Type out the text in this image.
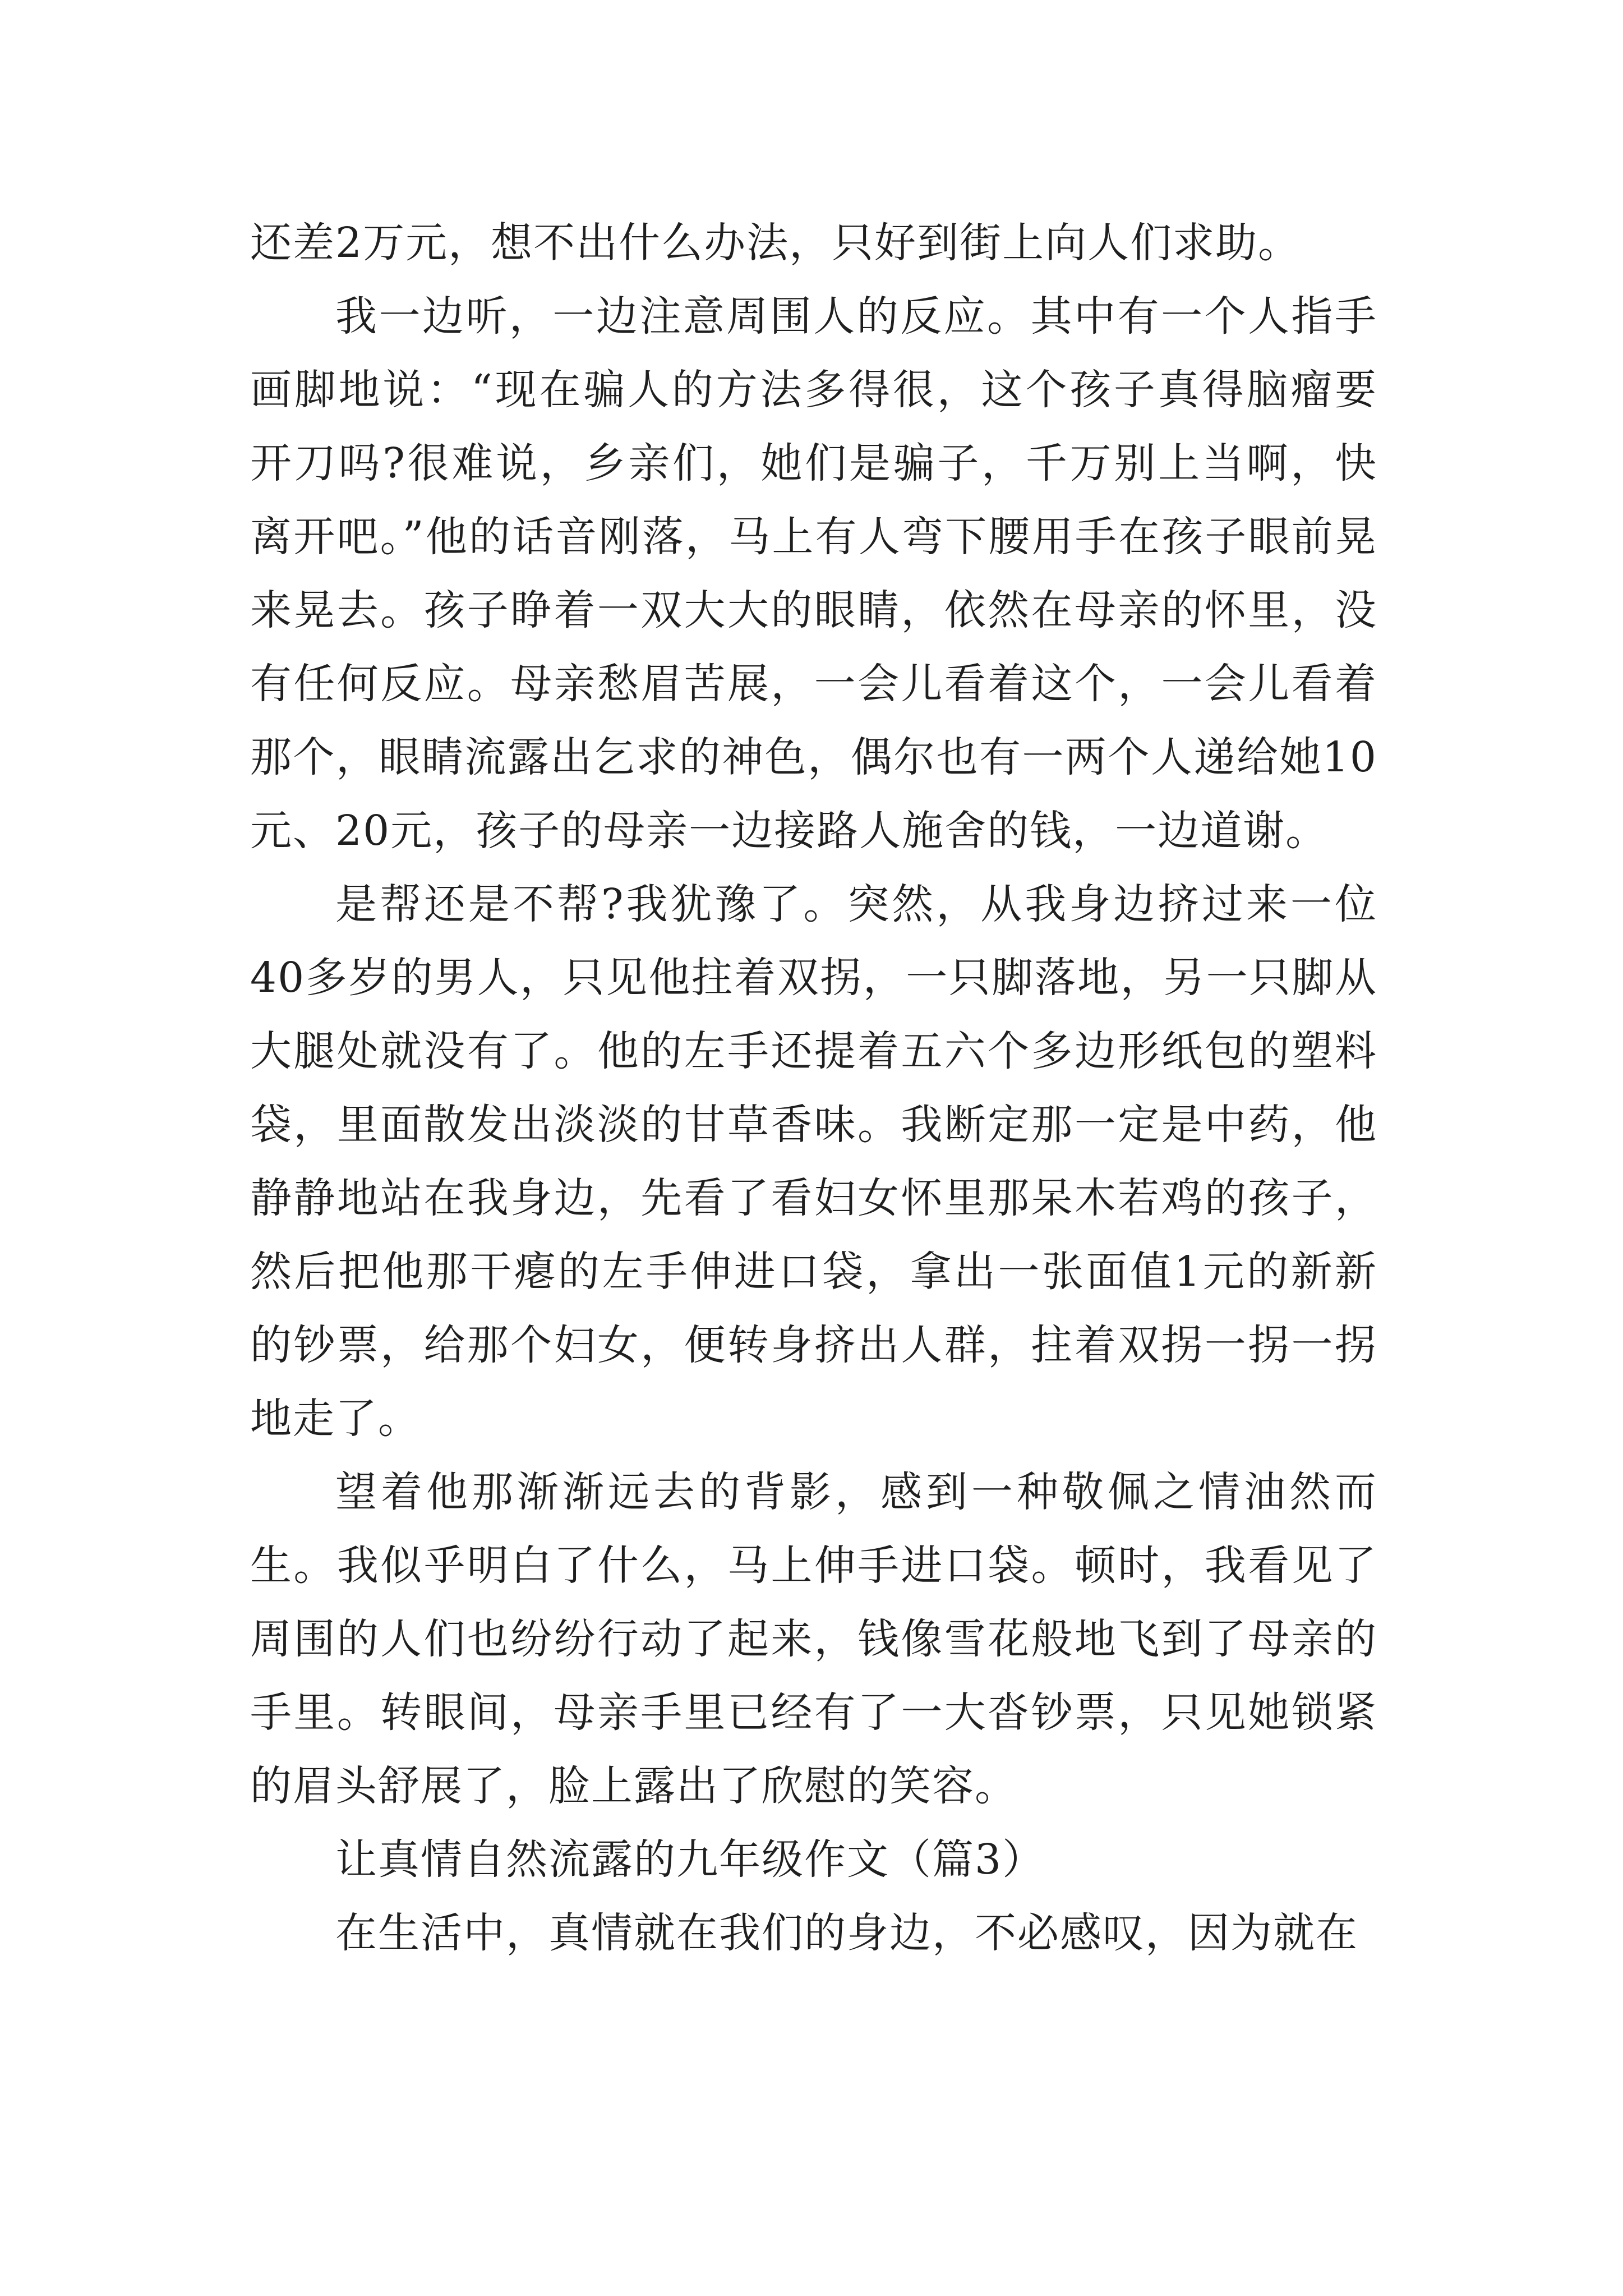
还差2万元，想不出什么办法，只好到街上向人们求助。

我一边听，一边注意周围人的反应。其中有一个人指手画脚地说：“现在骗人的方法多得很，这个孩子真得脑瘤要开刀吗?很难说，乡亲们，她们是骗子，千万别上当啊，快离开吧。”他的话音刚落，马上有人弯下腰用手在孩子眼前晃来晃去。孩子睁着一双大大的眼睛，依然在母亲的怀里，没有任何反应。母亲愁眉苦展，一会儿看着这个，一会儿看着那个，眼睛流露出乞求的神色，偶尔也有一两个人递给她10元、20元，孩子的母亲一边接路人施舍的钱，一边道谢。

是帮还是不帮?我犹豫了。突然，从我身边挤过来一位40多岁的男人，只见他拄着双拐，一只脚落地，另一只脚从大腿处就没有了。他的左手还提着五六个多边形纸包的塑料袋，里面散发出淡淡的甘草香味。我断定那一定是中药，他静静地站在我身边，先看了看妇女怀里那呆木若鸡的孩子，然后把他那干瘪的左手伸进口袋，拿出一张面值1元的新新的钞票，给那个妇女，便转身挤出人群，拄着双拐一拐一拐地走了。

望着他那渐渐远去的背影，感到一种敬佩之情油然而生。我似乎明白了什么，马上伸手进口袋。顿时，我看见了周围的人们也纷纷行动了起来，钱像雪花般地飞到了母亲的手里。转眼间，母亲手里已经有了一大沓钞票，只见她锁紧的眉头舒展了，脸上露出了欣慰的笑容。

让真情自然流露的九年级作文（篇3）

在生活中，真情就在我们的身边，不必感叹，因为就在
